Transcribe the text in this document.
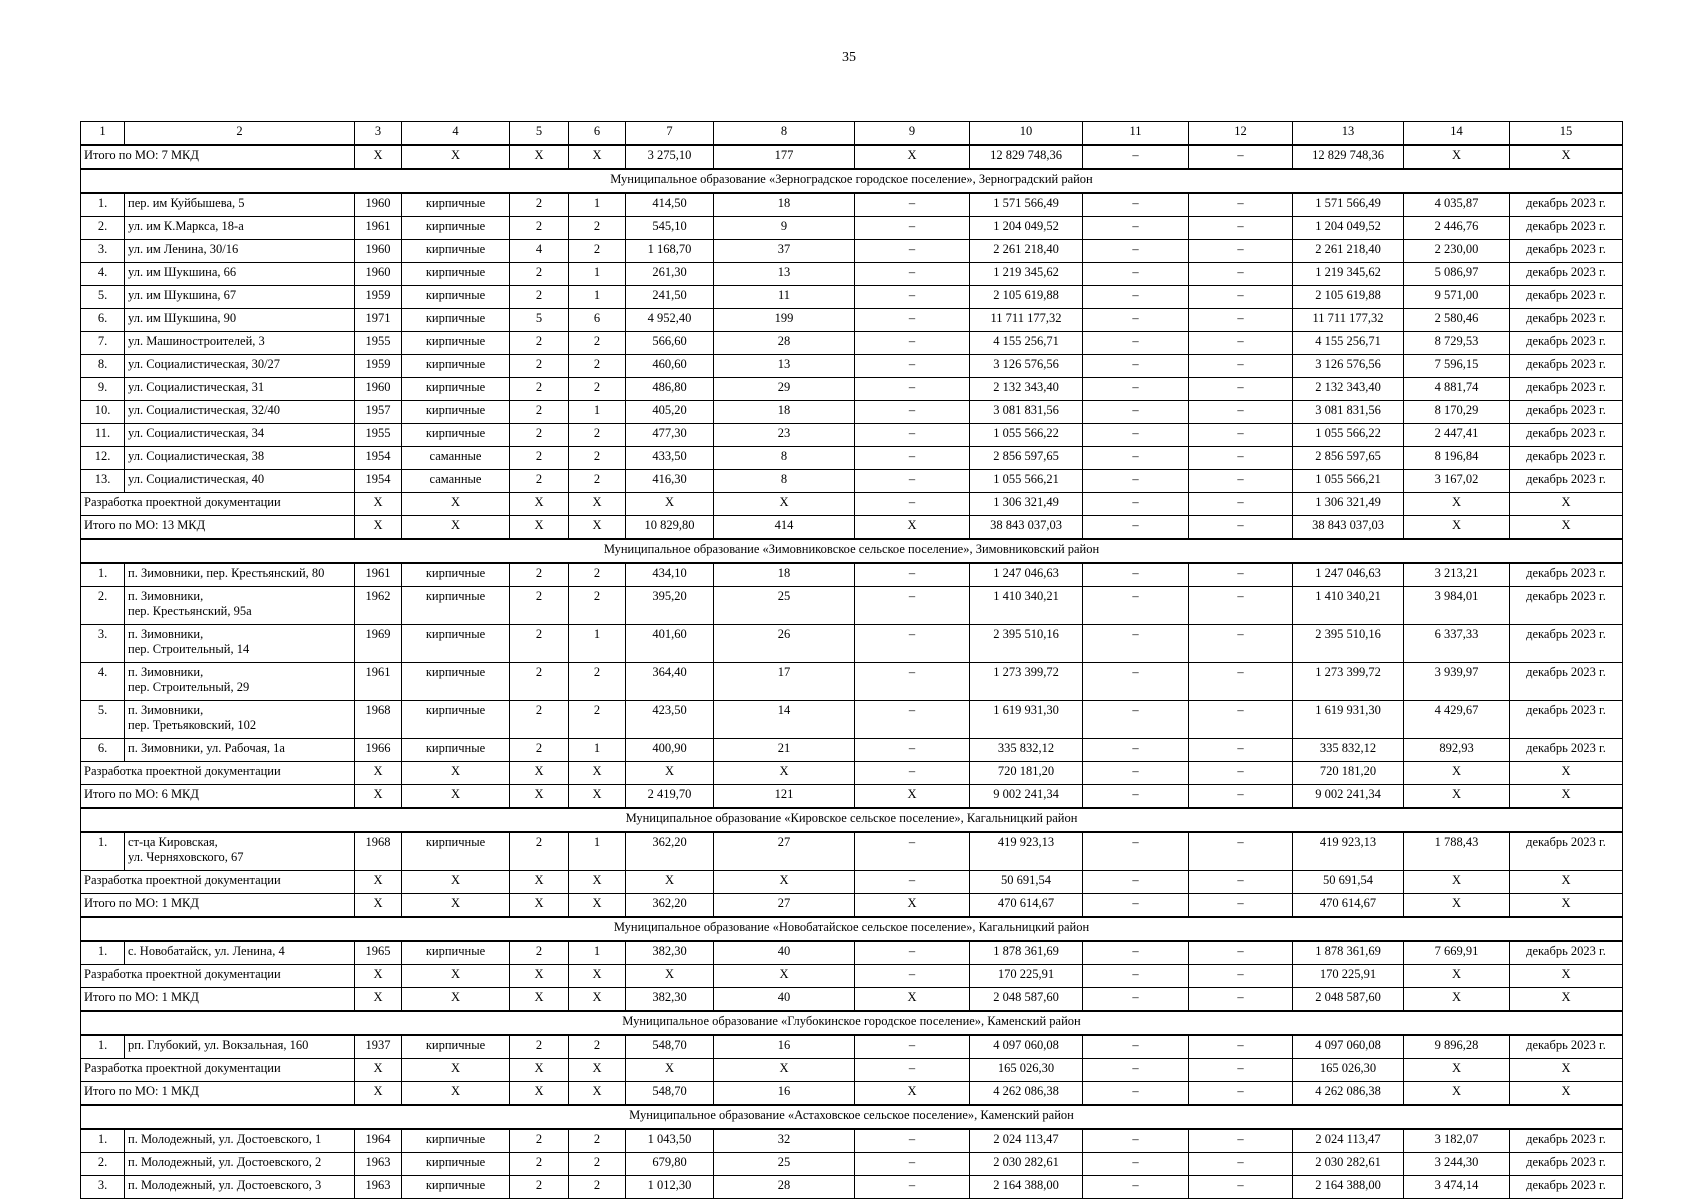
35
1	2	3	4	5	6	7	8	9	10	11	12	13	14	15
Итого по МО: 7 МКД		Х	Х	Х	Х	3 275,10	177	Х	12 829 748,36	–	–	12 829 748,36	Х	Х
Муниципальное образование «Зерноградское городское поселение», Зерноградский район														
1.	пер. им Куйбышева, 5	1960	кирпичные	2	1	414,50	18	–	1 571 566,49	–	–	1 571 566,49	4 035,87	декабрь 2023 г.
2.	ул. им К.Маркса, 18-а	1961	кирпичные	2	2	545,10	9	–	1 204 049,52	–	–	1 204 049,52	2 446,76	декабрь 2023 г.
3.	ул. им Ленина, 30/16	1960	кирпичные	4	2	1 168,70	37	–	2 261 218,40	–	–	2 261 218,40	2 230,00	декабрь 2023 г.
4.	ул. им Шукшина, 66	1960	кирпичные	2	1	261,30	13	–	1 219 345,62	–	–	1 219 345,62	5 086,97	декабрь 2023 г.
5.	ул. им Шукшина, 67	1959	кирпичные	2	1	241,50	11	–	2 105 619,88	–	–	2 105 619,88	9 571,00	декабрь 2023 г.
6.	ул. им Шукшина, 90	1971	кирпичные	5	6	4 952,40	199	–	11 711 177,32	–	–	11 711 177,32	2 580,46	декабрь 2023 г.
7.	ул. Машиностроителей, 3	1955	кирпичные	2	2	566,60	28	–	4 155 256,71	–	–	4 155 256,71	8 729,53	декабрь 2023 г.
8.	ул. Социалистическая, 30/27	1959	кирпичные	2	2	460,60	13	–	3 126 576,56	–	–	3 126 576,56	7 596,15	декабрь 2023 г.
9.	ул. Социалистическая, 31	1960	кирпичные	2	2	486,80	29	–	2 132 343,40	–	–	2 132 343,40	4 881,74	декабрь 2023 г.
10.	ул. Социалистическая, 32/40	1957	кирпичные	2	1	405,20	18	–	3 081 831,56	–	–	3 081 831,56	8 170,29	декабрь 2023 г.
11.	ул. Социалистическая, 34	1955	кирпичные	2	2	477,30	23	–	1 055 566,22	–	–	1 055 566,22	2 447,41	декабрь 2023 г.
12.	ул. Социалистическая, 38	1954	саманные	2	2	433,50	8	–	2 856 597,65	–	–	2 856 597,65	8 196,84	декабрь 2023 г.
13.	ул. Социалистическая, 40	1954	саманные	2	2	416,30	8	–	1 055 566,21	–	–	1 055 566,21	3 167,02	декабрь 2023 г.
Разработка проектной документации		Х	Х	Х	Х	Х	Х	–	1 306 321,49	–	–	1 306 321,49	Х	Х
Итого по МО: 13 МКД		Х	Х	Х	Х	10 829,80	414	Х	38 843 037,03	–	–	38 843 037,03	Х	Х
Муниципальное образование «Зимовниковское сельское поселение», Зимовниковский район														
1.	п. Зимовники, пер. Крестьянский, 80	1961	кирпичные	2	2	434,10	18	–	1 247 046,63	–	–	1 247 046,63	3 213,21	декабрь 2023 г.
2.	п. Зимовники,
пер. Крестьянский, 95а	1962	кирпичные	2	2	395,20	25	–	1 410 340,21	–	–	1 410 340,21	3 984,01	декабрь 2023 г.
3.	п. Зимовники,
пер. Строительный, 14	1969	кирпичные	2	1	401,60	26	–	2 395 510,16	–	–	2 395 510,16	6 337,33	декабрь 2023 г.
4.	п. Зимовники,
пер. Строительный, 29	1961	кирпичные	2	2	364,40	17	–	1 273 399,72	–	–	1 273 399,72	3 939,97	декабрь 2023 г.
5.	п. Зимовники,
пер. Третьяковский, 102	1968	кирпичные	2	2	423,50	14	–	1 619 931,30	–	–	1 619 931,30	4 429,67	декабрь 2023 г.
6.	п. Зимовники, ул. Рабочая, 1а	1966	кирпичные	2	1	400,90	21	–	335 832,12	–	–	335 832,12	892,93	декабрь 2023 г.
Разработка проектной документации		Х	Х	Х	Х	Х	Х	–	720 181,20	–	–	720 181,20	Х	Х
Итого по МО: 6 МКД		Х	Х	Х	Х	2 419,70	121	Х	9 002 241,34	–	–	9 002 241,34	Х	Х
Муниципальное образование «Кировское сельское поселение», Кагальницкий район														
1.	ст-ца Кировская,
ул. Черняховского, 67	1968	кирпичные	2	1	362,20	27	–	419 923,13	–	–	419 923,13	1 788,43	декабрь 2023 г.
Разработка проектной документации		Х	Х	Х	Х	Х	Х	–	50 691,54	–	–	50 691,54	Х	Х
Итого по МО: 1 МКД		Х	Х	Х	Х	362,20	27	Х	470 614,67	–	–	470 614,67	Х	Х
Муниципальное образование «Новобатайское сельское поселение», Кагальницкий район														
1.	с. Новобатайск, ул. Ленина, 4	1965	кирпичные	2	1	382,30	40	–	1 878 361,69	–	–	1 878 361,69	7 669,91	декабрь 2023 г.
Разработка проектной документации		Х	Х	Х	Х	Х	Х	–	170 225,91	–	–	170 225,91	Х	Х
Итого по МО: 1 МКД		Х	Х	Х	Х	382,30	40	Х	2 048 587,60	–	–	2 048 587,60	Х	Х
Муниципальное образование «Глубокинское городское поселение», Каменский район														
1.	рп. Глубокий, ул. Вокзальная, 160	1937	кирпичные	2	2	548,70	16	–	4 097 060,08	–	–	4 097 060,08	9 896,28	декабрь 2023 г.
Разработка проектной документации		Х	Х	Х	Х	Х	Х	–	165 026,30	–	–	165 026,30	Х	Х
Итого по МО: 1 МКД		Х	Х	Х	Х	548,70	16	Х	4 262 086,38	–	–	4 262 086,38	Х	Х
Муниципальное образование «Астаховское сельское поселение», Каменский район														
1.	п. Молодежный, ул. Достоевского, 1	1964	кирпичные	2	2	1 043,50	32	–	2 024 113,47	–	–	2 024 113,47	3 182,07	декабрь 2023 г.
2.	п. Молодежный, ул. Достоевского, 2	1963	кирпичные	2	2	679,80	25	–	2 030 282,61	–	–	2 030 282,61	3 244,30	декабрь 2023 г.
3.	п. Молодежный, ул. Достоевского, 3	1963	кирпичные	2	2	1 012,30	28	–	2 164 388,00	–	–	2 164 388,00	3 474,14	декабрь 2023 г.
